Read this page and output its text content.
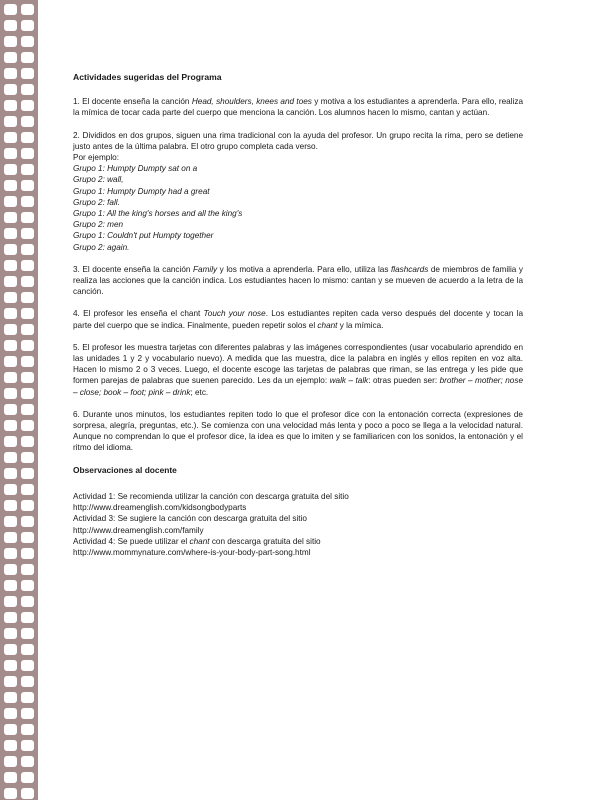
Actividades sugeridas del Programa
1. El docente enseña la canción Head, shoulders, knees and toes y motiva a los estudiantes a aprenderla. Para ello, realiza la mímica de tocar cada parte del cuerpo que menciona la canción. Los alumnos hacen lo mismo, cantan y actúan.
2. Divididos en dos grupos, siguen una rima tradicional con la ayuda del profesor. Un grupo recita la rima, pero se detiene justo antes de la última palabra. El otro grupo completa cada verso.
Por ejemplo:
Grupo 1: Humpty Dumpty sat on a
Grupo 2: wall,
Grupo 1: Humpty Dumpty had a great
Grupo 2: fall.
Grupo 1: All the king's horses and all the king's
Grupo 2: men
Grupo 1: Couldn't put Humpty together
Grupo 2: again.
3. El docente enseña la canción Family y los motiva a aprenderla. Para ello, utiliza las flashcards de miembros de familia y realiza las acciones que la canción indica. Los estudiantes hacen lo mismo: cantan y se mueven de acuerdo a la letra de la canción.
4. El profesor les enseña el chant Touch your nose. Los estudiantes repiten cada verso después del docente y tocan la parte del cuerpo que se indica. Finalmente, pueden repetir solos el chant y la mímica.
5. El profesor les muestra tarjetas con diferentes palabras y las imágenes correspondientes (usar vocabulario aprendido en las unidades 1 y 2 y vocabulario nuevo). A medida que las muestra, dice la palabra en inglés y ellos repiten en voz alta. Hacen lo mismo 2 o 3 veces. Luego, el docente escoge las tarjetas de palabras que riman, se las entrega y les pide que formen parejas de palabras que suenen parecido. Les da un ejemplo: walk – talk: otras pueden ser: brother – mother; nose – close; book – foot; pink – drink; etc.
6. Durante unos minutos, los estudiantes repiten todo lo que el profesor dice con la entonación correcta (expresiones de sorpresa, alegría, preguntas, etc.). Se comienza con una velocidad más lenta y poco a poco se llega a la velocidad natural. Aunque no comprendan lo que el profesor dice, la idea es que lo imiten y se familiaricen con los sonidos, la entonación y el ritmo del idioma.
Observaciones al docente
Actividad 1: Se recomienda utilizar la canción con descarga gratuita del sitio
http://www.dreamenglish.com/kidsongbodyparts
Actividad 3: Se sugiere la canción con descarga gratuita del sitio
http://www.dreamenglish.com/family
Actividad 4: Se puede utilizar el chant con descarga gratuita del sitio
http://www.mommynature.com/where-is-your-body-part-song.html
